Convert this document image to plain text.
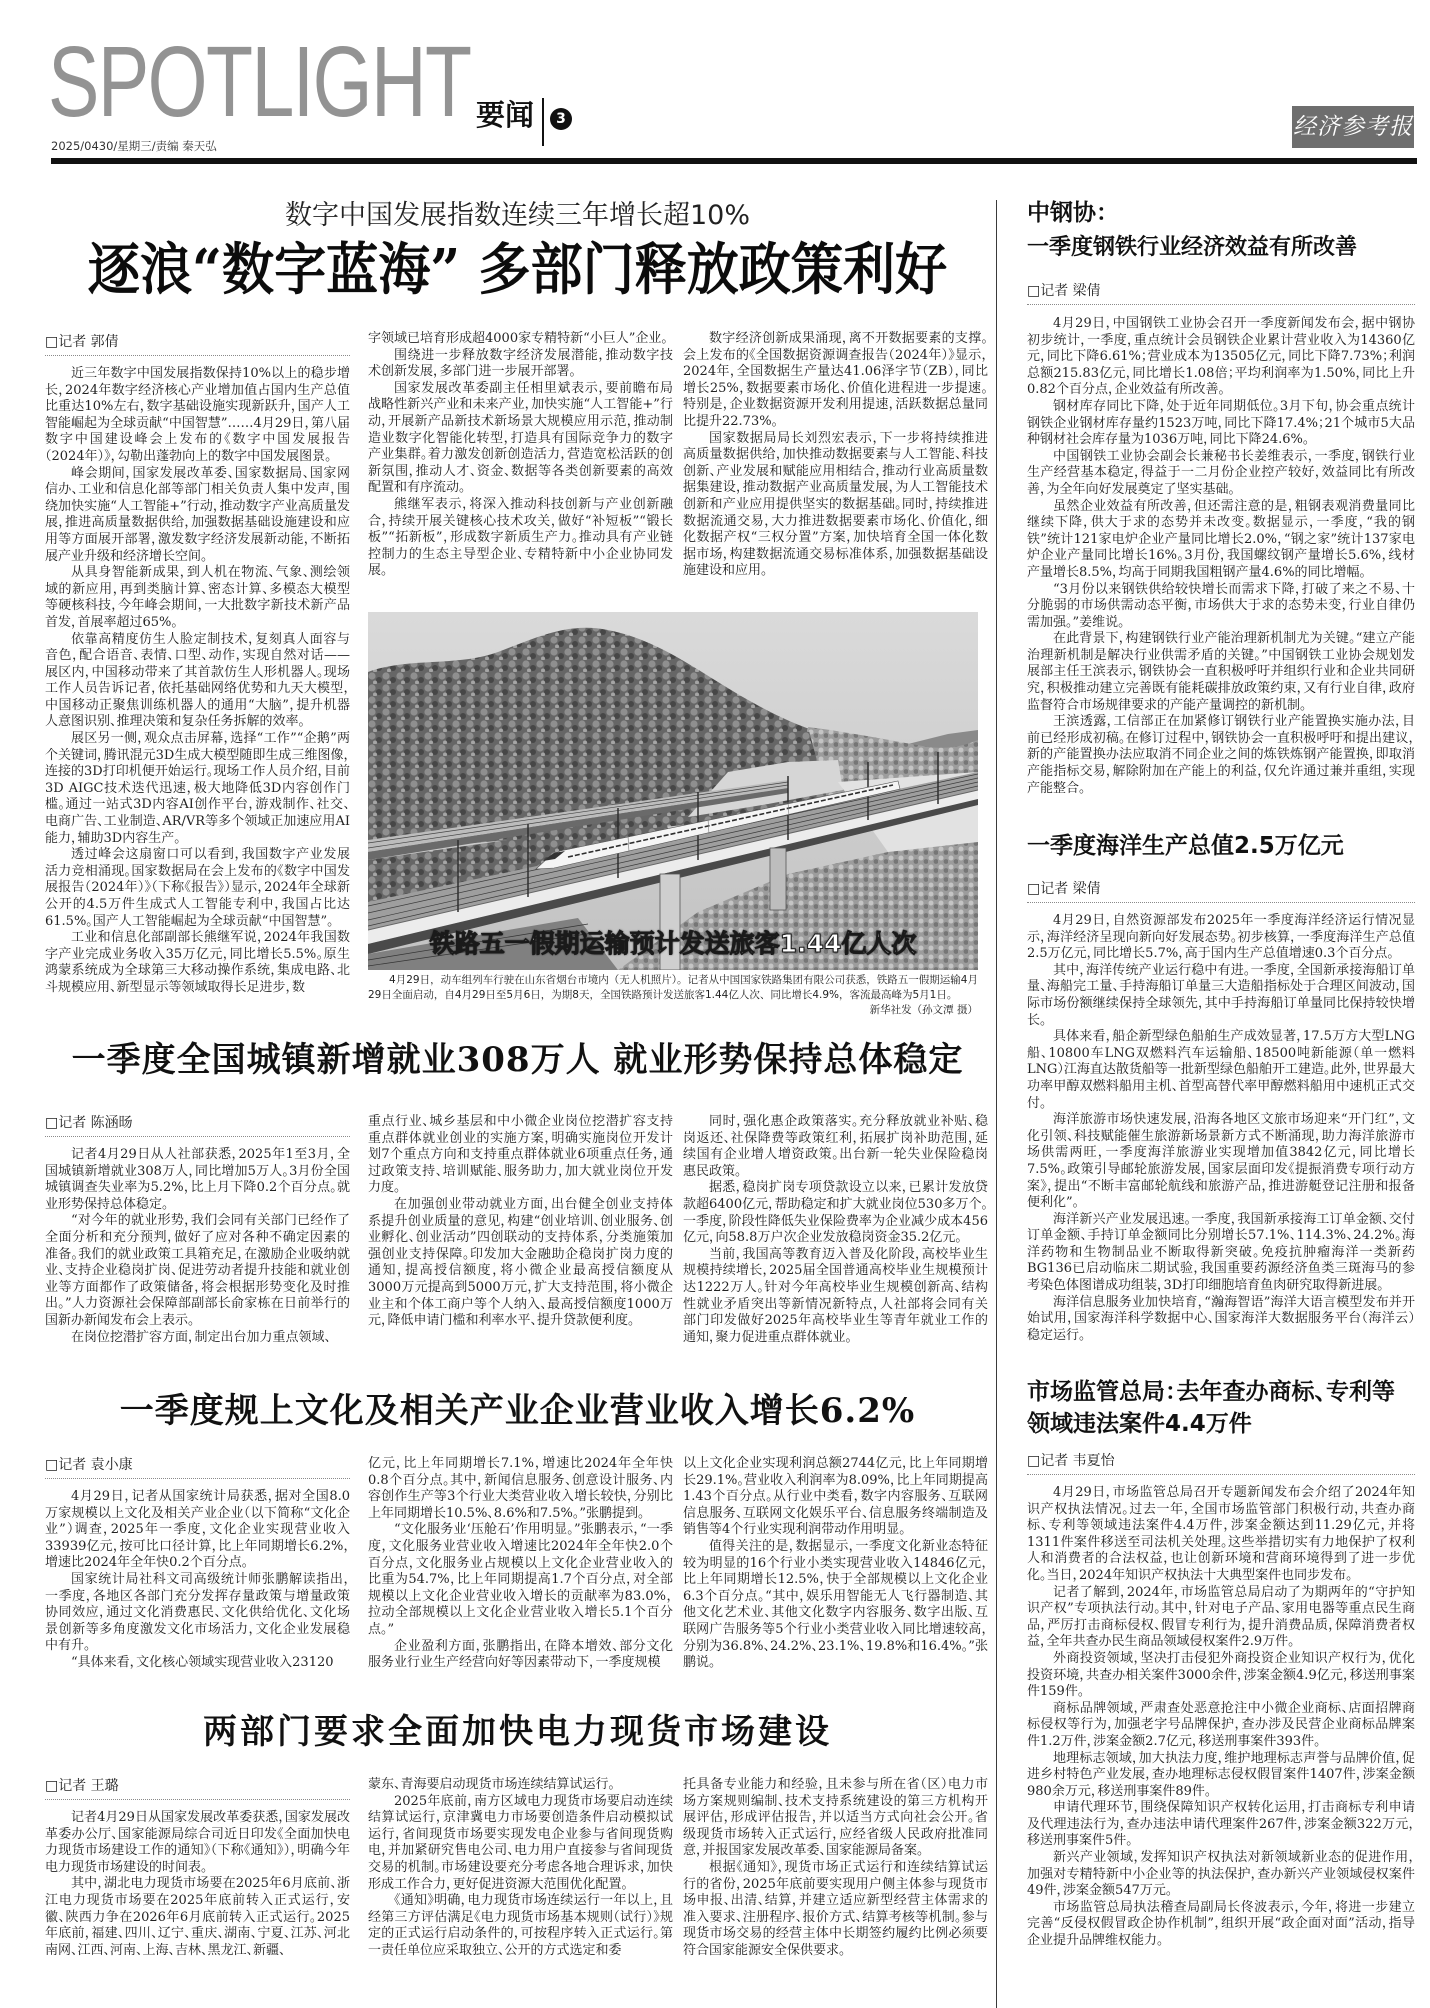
SPOTLIGHT 要闻	3
2025/0430/星期三/责编 秦天弘
经济参考报
数字中国发展指数连续三年增长超10%
逐浪“数字蓝海” 多部门释放政策利好
□记者 郭倩

近三年数字中国发展指数保持10%以上的稳步增长，2024年数字经济核心产业增加值占国内生产总值比重达10%左右，数字基础设施实现新跃升，国产人工智能崛起为全球贡献“中国智慧”……4月29日，第八届数字中国建设峰会上发布的《数字中国发展报告（2024年）》，勾勒出蓬勃向上的数字中国发展图景。

峰会期间，国家发展改革委、国家数据局、国家网信办、工业和信息化部等部门相关负责人集中发声，围绕加快实施“人工智能+”行动，推动数字产业高质量发展，推进高质量数据供给，加强数据基础设施建设和应用等方面展开部署，激发数字经济发展新动能，不断拓展产业升级和经济增长空间。

从具身智能新成果，到人机在物流、气象、测绘领域的新应用，再到类脑计算、密态计算、多模态大模型等硬核科技，今年峰会期间，一大批数字新技术新产品首发，首展率超过65%。

依靠高精度仿生人脸定制技术，复刻真人面容与音色，配合语音、表情、口型、动作，实现自然对话——展区内，中国移动带来了其首款仿生人形机器人。现场工作人员告诉记者，依托基础网络优势和九天大模型，中国移动正聚焦训练机器人的通用“大脑”，提升机器人意图识别、推理决策和复杂任务拆解的效率。

展区另一侧，观众点击屏幕，选择“工作”“企鹅”两个关键词，腾讯混元3D生成大模型随即生成三维图像，连接的3D打印机便开始运行。现场工作人员介绍，目前3D AIGC技术迭代迅速，极大地降低3D内容创作门槛。通过一站式3D内容AI创作平台，游戏制作、社交、电商广告、工业制造、AR/VR等多个领域正加速应用AI能力，辅助3D内容生产。

透过峰会这扇窗口可以看到，我国数字产业发展活力竞相涌现。国家数据局在会上发布的《数字中国发展报告（2024年）》（下称《报告》）显示，2024年全球新公开的4.5万件生成式人工智能专利中，我国占比达61.5%。国产人工智能崛起为全球贡献“中国智慧”。

工业和信息化部副部长熊继军说，2024年我国数字产业完成业务收入35万亿元，同比增长5.5%。原生鸿蒙系统成为全球第三大移动操作系统，集成电路、北斗规模应用、新型显示等领域取得长足进步，数

字领域已培育形成超4000家专精特新“小巨人”企业。

围绕进一步释放数字经济发展潜能，推动数字技术创新发展，多部门进一步展开部署。

国家发展改革委副主任相里斌表示，要前瞻布局战略性新兴产业和未来产业，加快实施“人工智能+”行动，开展新产品新技术新场景大规模应用示范，推动制造业数字化智能化转型，打造具有国际竞争力的数字产业集群。着力激发创新创造活力，营造宽松活跃的创新氛围，推动人才、资金、数据等各类创新要素的高效配置和有序流动。

熊继军表示，将深入推动科技创新与产业创新融合，持续开展关键核心技术攻关，做好“补短板”“锻长板”“拓新板”，形成数字新质生产力。推动具有产业链控制力的生态主导型企业、专精特新中小企业协同发展。

数字经济创新成果涌现，离不开数据要素的支撑。会上发布的《全国数据资源调查报告（2024年）》显示，2024年，全国数据生产量达41.06泽字节（ZB），同比增长25%，数据要素市场化、价值化进程进一步提速。特别是，企业数据资源开发利用提速，活跃数据总量同比提升22.73%。

国家数据局局长刘烈宏表示，下一步将持续推进高质量数据供给，加快推动数据要素与人工智能、科技创新、产业发展和赋能应用相结合，推动行业高质量数据集建设，推动数据产业高质量发展，为人工智能技术创新和产业应用提供坚实的数据基础。同时，持续推进数据流通交易，大力推进数据要素市场化、价值化，细化数据产权“三权分置”方案，加快培育全国一体化数据市场，构建数据流通交易标准体系，加强数据基础设施建设和应用。

铁路五一假期运输预计发送旅客1.44亿人次
4月29日，动车组列车行驶在山东省烟台市境内（无人机照片）。记者从中国国家铁路集团有限公司获悉，铁路五一假期运输4月29日全面启动，自4月29日至5月6日，为期8天，全国铁路预计发送旅客1.44亿人次、同比增长4.9%，客流最高峰为5月1日。
新华社发（孙文潭 摄）
一季度全国城镇新增就业308万人 就业形势保持总体稳定
□记者 陈涵旸

记者4月29日从人社部获悉，2025年1至3月，全国城镇新增就业308万人，同比增加5万人。3月份全国城镇调查失业率为5.2%，比上月下降0.2个百分点。就业形势保持总体稳定。

“对今年的就业形势，我们会同有关部门已经作了全面分析和充分预判，做好了应对各种不确定因素的准备。我们的就业政策工具箱充足，在激励企业吸纳就业、支持企业稳岗扩岗、促进劳动者提升技能和就业创业等方面都作了政策储备，将会根据形势变化及时推出。”人力资源社会保障部副部长俞家栋在日前举行的国新办新闻发布会上表示。

在岗位挖潜扩容方面，制定出台加力重点领域、

重点行业、城乡基层和中小微企业岗位挖潜扩容支持重点群体就业创业的实施方案，明确实施岗位开发计划7个重点方向和支持重点群体就业6项重点任务，通过政策支持、培训赋能、服务助力，加大就业岗位开发力度。

在加强创业带动就业方面，出台健全创业支持体系提升创业质量的意见，构建“创业培训、创业服务、创业孵化、创业活动”四创联动的支持体系，分类施策加强创业支持保障。印发加大金融助企稳岗扩岗力度的通知，提高授信额度，将小微企业最高授信额度从3000万元提高到5000万元，扩大支持范围，将小微企业主和个体工商户等个人纳入、最高授信额度1000万元，降低申请门槛和利率水平、提升贷款便利度。

同时，强化惠企政策落实。充分释放就业补贴、稳岗返还、社保降费等政策红利，拓展扩岗补助范围，延续国有企业增人增资政策。出台新一轮失业保险稳岗惠民政策。

据悉，稳岗扩岗专项贷款设立以来，已累计发放贷款超6400亿元，帮助稳定和扩大就业岗位530多万个。一季度，阶段性降低失业保险费率为企业减少成本456亿元，向58.8万户次企业发放稳岗资金35.2亿元。

当前，我国高等教育迈入普及化阶段，高校毕业生规模持续增长，2025届全国普通高校毕业生规模预计达1222万人。针对今年高校毕业生规模创新高、结构性就业矛盾突出等新情况新特点，人社部将会同有关部门印发做好2025年高校毕业生等青年就业工作的通知，聚力促进重点群体就业。

一季度规上文化及相关产业企业营业收入增长6.2%
□记者 袁小康

4月29日，记者从国家统计局获悉，据对全国8.0万家规模以上文化及相关产业企业（以下简称“文化企业”）调查，2025年一季度，文化企业实现营业收入33939亿元，按可比口径计算，比上年同期增长6.2%，增速比2024年全年快0.2个百分点。

国家统计局社科文司高级统计师张鹏解读指出，一季度，各地区各部门充分发挥存量政策与增量政策协同效应，通过文化消费惠民、文化供给优化、文化场景创新等多角度激发文化市场活力，文化企业发展稳中有升。

“具体来看，文化核心领域实现营业收入23120

亿元，比上年同期增长7.1%，增速比2024年全年快0.8个百分点。其中，新闻信息服务、创意设计服务、内容创作生产等3个行业大类营业收入增长较快，分别比上年同期增长10.5%、8.6%和7.5%。”张鹏提到。

“文化服务业‘压舱石’作用明显。”张鹏表示，“一季度，文化服务业营业收入增速比2024年全年快2.0个百分点，文化服务业占规模以上文化企业营业收入的比重为54.7%，比上年同期提高1.7个百分点，对全部规模以上文化企业营业收入增长的贡献率为83.0%，拉动全部规模以上文化企业营业收入增长5.1个百分点。”

企业盈利方面，张鹏指出，在降本增效、部分文化服务业行业生产经营向好等因素带动下，一季度规模

以上文化企业实现利润总额2744亿元，比上年同期增长29.1%。营业收入利润率为8.09%，比上年同期提高1.43个百分点。从行业中类看，数字内容服务、互联网信息服务、互联网文化娱乐平台、信息服务终端制造及销售等4个行业实现利润带动作用明显。

值得关注的是，数据显示，一季度文化新业态特征较为明显的16个行业小类实现营业收入14846亿元，比上年同期增长12.5%，快于全部规模以上文化企业6.3个百分点。“其中，娱乐用智能无人飞行器制造、其他文化艺术业、其他文化数字内容服务、数字出版、互联网广告服务等5个行业小类营业收入同比增速较高，分别为36.8%、24.2%、23.1%、19.8%和16.4%。”张鹏说。

两部门要求全面加快电力现货市场建设
□记者 王璐

记者4月29日从国家发展改革委获悉，国家发展改革委办公厅、国家能源局综合司近日印发《全面加快电力现货市场建设工作的通知》（下称《通知》），明确今年电力现货市场建设的时间表。

其中，湖北电力现货市场要在2025年6月底前、浙江电力现货市场要在2025年底前转入正式运行，安徽、陕西力争在2026年6月底前转入正式运行。2025年底前，福建、四川、辽宁、重庆、湖南、宁夏、江苏、河北南网、江西、河南、上海、吉林、黑龙江、新疆、

蒙东、青海要启动现货市场连续结算试运行。

2025年底前，南方区域电力现货市场要启动连续结算试运行，京津冀电力市场要创造条件启动模拟试运行，省间现货市场要实现发电企业参与省间现货购电，并加紧研究售电公司、电力用户直接参与省间现货交易的机制。市场建设要充分考虑各地合理诉求，加快形成工作合力，更好促进资源大范围优化配置。

《通知》明确，电力现货市场连续运行一年以上，且经第三方评估满足《电力现货市场基本规则（试行）》规定的正式运行启动条件的，可按程序转入正式运行。第一责任单位应采取独立、公开的方式选定和委

托具备专业能力和经验，且未参与所在省（区）电力市场方案规则编制、技术支持系统建设的第三方机构开展评估，形成评估报告，并以适当方式向社会公开。省级现货市场转入正式运行，应经省级人民政府批准同意，并报国家发展改革委、国家能源局备案。

根据《通知》，现货市场正式运行和连续结算试运行的省份，2025年底前要实现用户侧主体参与现货市场申报、出清、结算，并建立适应新型经营主体需求的准入要求、注册程序、报价方式、结算考核等机制。参与现货市场交易的经营主体中长期签约履约比例必须要符合国家能源安全保供要求。

中钢协：
一季度钢铁行业经济效益有所改善
□记者 梁倩

4月29日，中国钢铁工业协会召开一季度新闻发布会，据中钢协初步统计，一季度，重点统计会员钢铁企业累计营业收入为14360亿元，同比下降6.61%；营业成本为13505亿元，同比下降7.73%；利润总额215.83亿元，同比增长1.08倍；平均利润率为1.50%，同比上升0.82个百分点，企业效益有所改善。

钢材库存同比下降，处于近年同期低位。3月下旬，协会重点统计钢铁企业钢材库存量约1523万吨，同比下降17.4%；21个城市5大品种钢材社会库存量为1036万吨，同比下降24.6%。

中国钢铁工业协会副会长兼秘书长姜维表示，一季度，钢铁行业生产经营基本稳定，得益于一二月份企业控产较好，效益同比有所改善，为全年向好发展奠定了坚实基础。

虽然企业效益有所改善，但还需注意的是，粗钢表观消费量同比继续下降，供大于求的态势并未改变。数据显示，一季度，“我的钢铁”统计121家电炉企业产量同比增长2.0%，“钢之家”统计137家电炉企业产量同比增长16%。3月份，我国螺纹钢产量增长5.6%，线材产量增长8.5%，均高于同期我国粗钢产量4.6%的同比增幅。

“3月份以来钢铁供给较快增长而需求下降，打破了来之不易、十分脆弱的市场供需动态平衡，市场供大于求的态势未变，行业自律仍需加强。”姜维说。

在此背景下，构建钢铁行业产能治理新机制尤为关键。“建立产能治理新机制是解决行业供需矛盾的关键。”中国钢铁工业协会规划发展部主任王滨表示，钢铁协会一直积极呼吁并组织行业和企业共同研究，积极推动建立完善既有能耗碳排放政策约束，又有行业自律，政府监督符合市场规律要求的产能产量调控的新机制。

王滨透露，工信部正在加紧修订钢铁行业产能置换实施办法，目前已经形成初稿。在修订过程中，钢铁协会一直积极呼吁和提出建议，新的产能置换办法应取消不同企业之间的炼铁炼钢产能置换，即取消产能指标交易，解除附加在产能上的利益，仅允许通过兼并重组，实现产能整合。

一季度海洋生产总值2.5万亿元
□记者 梁倩

4月29日，自然资源部发布2025年一季度海洋经济运行情况显示，海洋经济呈现向新向好发展态势。初步核算，一季度海洋生产总值2.5万亿元，同比增长5.7%，高于国内生产总值增速0.3个百分点。

其中，海洋传统产业运行稳中有进。一季度，全国新承接海船订单量、海船完工量、手持海船订单量三大造船指标处于合理区间波动，国际市场份额继续保持全球领先，其中手持海船订单量同比保持较快增长。

具体来看，船企新型绿色船舶生产成效显著，17.5万方大型LNG船、10800车LNG双燃料汽车运输船、18500吨新能源（单一燃料LNG）江海直达散货船等一批新型绿色船舶开工建造。此外，世界最大功率甲醇双燃料船用主机、首型高替代率甲醇燃料船用中速机正式交付。

海洋旅游市场快速发展，沿海各地区文旅市场迎来“开门红”，文化引领、科技赋能催生旅游新场景新方式不断涌现，助力海洋旅游市场供需两旺，一季度海洋旅游业实现增加值3842亿元，同比增长7.5%。政策引导邮轮旅游发展，国家层面印发《提振消费专项行动方案》，提出“不断丰富邮轮航线和旅游产品，推进游艇登记注册和报备便利化”。

海洋新兴产业发展迅速。一季度，我国新承接海工订单金额、交付订单金额、手持订单金额同比分别增长57.1%、114.3%、24.2%。海洋药物和生物制品业不断取得新突破。免疫抗肿瘤海洋一类新药BG136已启动临床二期试验，我国重要药源经济鱼类三斑海马的参考染色体图谱成功组装，3D打印细胞培育鱼肉研究取得新进展。

海洋信息服务业加快培育，“瀚海智语”海洋大语言模型发布并开始试用，国家海洋科学数据中心、国家海洋大数据服务平台（海洋云）稳定运行。

市场监管总局：去年查办商标、专利等
领域违法案件4.4万件
□记者 韦夏怡

4月29日，市场监管总局召开专题新闻发布会介绍了2024年知识产权执法情况。过去一年，全国市场监管部门积极行动，共查办商标、专利等领域违法案件4.4万件，涉案金额达到11.29亿元，并将1311件案件移送至司法机关处理。这些举措切实有力地保护了权利人和消费者的合法权益，也让创新环境和营商环境得到了进一步优化。当日，2024年知识产权执法十大典型案件也同步发布。

记者了解到，2024年，市场监管总局启动了为期两年的“守护知识产权”专项执法行动。其中，针对电子产品、家用电器等重点民生商品，严厉打击商标侵权、假冒专利行为，提升消费品质，保障消费者权益，全年共查办民生商品领域侵权案件2.9万件。

外商投资领域，坚决打击侵犯外商投资企业知识产权行为，优化投资环境，共查办相关案件3000余件，涉案金额4.9亿元，移送刑事案件159件。

商标品牌领域，严肃查处恶意抢注中小微企业商标、店面招牌商标侵权等行为，加强老字号品牌保护，查办涉及民营企业商标品牌案件1.2万件，涉案金额2.7亿元，移送刑事案件393件。

地理标志领域，加大执法力度，维护地理标志声誉与品牌价值，促进乡村特色产业发展，查办地理标志侵权假冒案件1407件，涉案金额980余万元，移送刑事案件89件。

申请代理环节，围绕保障知识产权转化运用，打击商标专利申请及代理违法行为，查办违法申请代理案件267件，涉案金额322万元，移送刑事案件5件。

新兴产业领域，发挥知识产权执法对新领域新业态的促进作用，加强对专精特新中小企业等的执法保护，查办新兴产业领域侵权案件49件，涉案金额547万元。

市场监管总局执法稽查局副局长佟波表示，今年，将进一步建立完善“反侵权假冒政企协作机制”，组织开展“政企面对面”活动，指导企业提升品牌维权能力。
